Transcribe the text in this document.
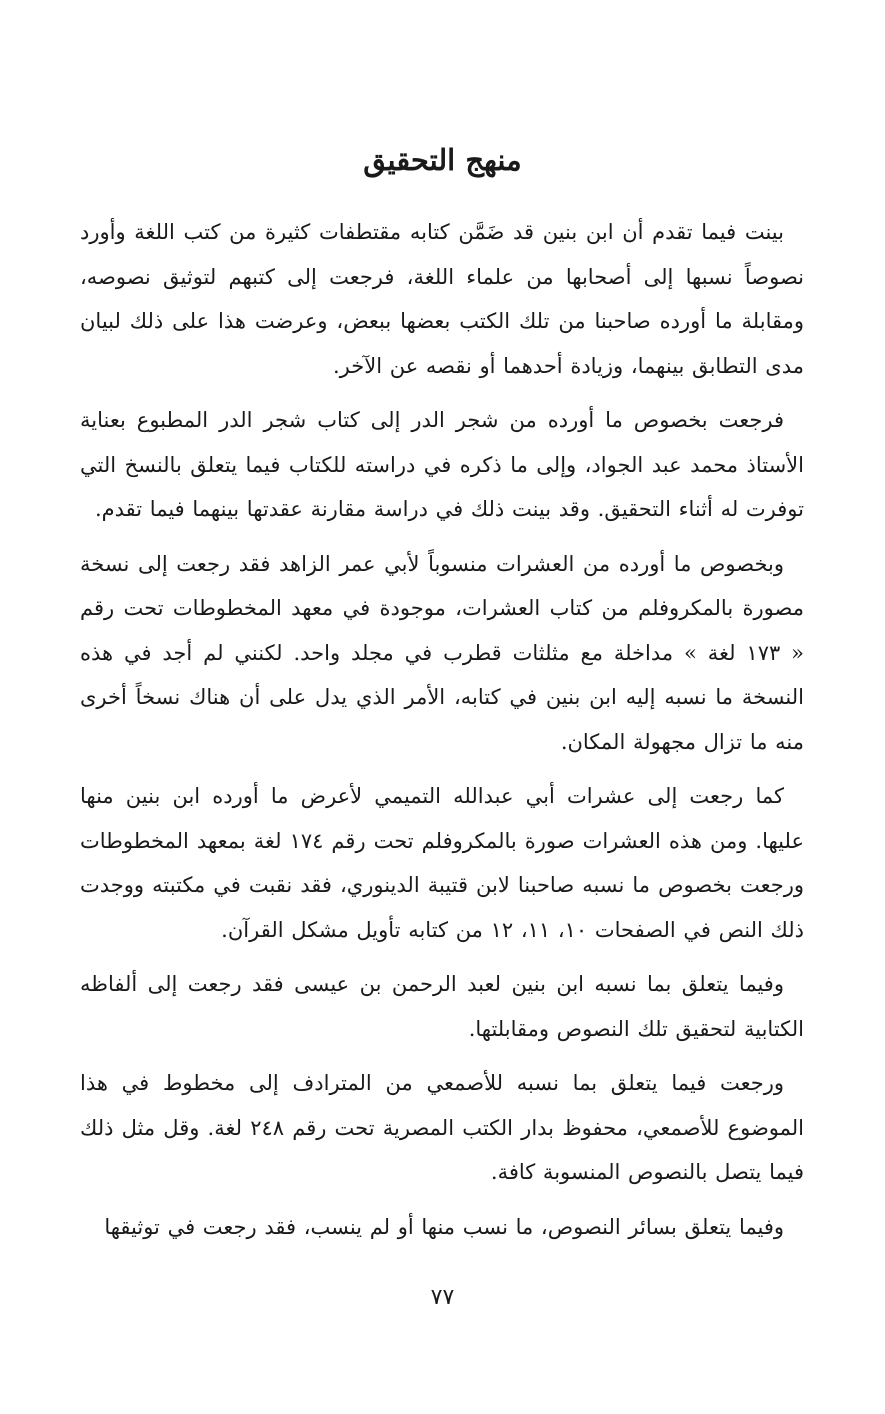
منهج التحقيق

بينت فيما تقدم أن ابن بنين قد ضَمَّن كتابه مقتطفات كثيرة من كتب اللغة وأورد نصوصاً نسبها إلى أصحابها من علماء اللغة، فرجعت إلى كتبهم لتوثيق نصوصه، ومقابلة ما أورده صاحبنا من تلك الكتب بعضها ببعض، وعرضت هذا على ذلك لبيان مدى التطابق بينهما، وزيادة أحدهما أو نقصه عن الآخر.

فرجعت بخصوص ما أورده من شجر الدر إلى كتاب شجر الدر المطبوع بعناية الأستاذ محمد عبد الجواد، وإلى ما ذكره في دراسته للكتاب فيما يتعلق بالنسخ التي توفرت له أثناء التحقيق. وقد بينت ذلك في دراسة مقارنة عقدتها بينهما فيما تقدم.

وبخصوص ما أورده من العشرات منسوباً لأبي عمر الزاهد فقد رجعت إلى نسخة مصورة بالمكروفلم من كتاب العشرات، موجودة في معهد المخطوطات تحت رقم « ١٧٣ لغة » مداخلة مع مثلثات قطرب في مجلد واحد. لكنني لم أجد في هذه النسخة ما نسبه إليه ابن بنين في كتابه، الأمر الذي يدل على أن هناك نسخاً أخرى منه ما تزال مجهولة المكان.

كما رجعت إلى عشرات أبي عبدالله التميمي لأعرض ما أورده ابن بنين منها عليها. ومن هذه العشرات صورة بالمكروفلم تحت رقم ١٧٤ لغة بمعهد المخطوطات ورجعت بخصوص ما نسبه صاحبنا لابن قتيبة الدينوري، فقد نقبت في مكتبته ووجدت ذلك النص في الصفحات ١٠، ١١، ١٢ من كتابه تأويل مشكل القرآن.

وفيما يتعلق بما نسبه ابن بنين لعبد الرحمن بن عيسى فقد رجعت إلى ألفاظه الكتابية لتحقيق تلك النصوص ومقابلتها.

ورجعت فيما يتعلق بما نسبه للأصمعي من المترادف إلى مخطوط في هذا الموضوع للأصمعي، محفوظ بدار الكتب المصرية تحت رقم ٢٤٨ لغة. وقل مثل ذلك فيما يتصل بالنصوص المنسوبة كافة.

وفيما يتعلق بسائر النصوص، ما نسب منها أو لم ينسب، فقد رجعت في توثيقها

٧٧
